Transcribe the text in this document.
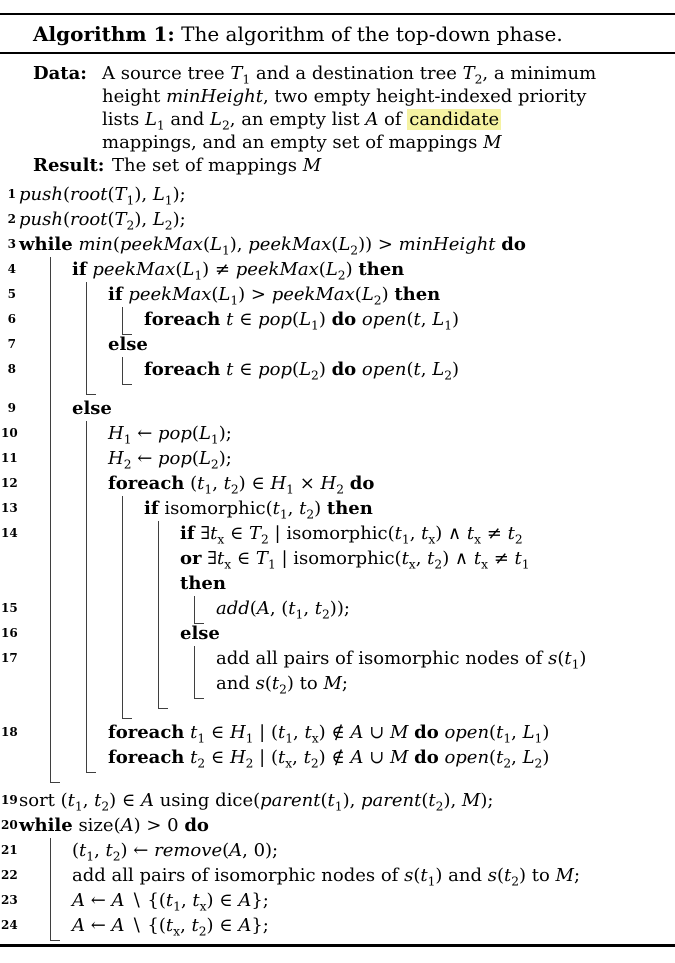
Algorithm 1: The algorithm of the top-down phase.
Data: A source tree $T_1$ and a destination tree $T_2$, a minimum
height minHeight, two empty height-indexed priority
lists $L_1$ and $L_2$, an empty list A of candidate
mappings, and an empty set of mappings M
Result: The set of mappings M
1 $push(root(T_1)$, $L_1$);
2 $push(root(T_2)$, $L_2$);
3 while $\min(peekMax(L_1)$, $peekMax(L_2)$) > minHeight do
4	if $peekMax(L_1)$ ≠ $peekMax(L_2)$ then
5	if $peekMax(L_1)$ > $peekMax(L_2)$ then
6	foreach t ∈ $pop(L_1)$ do open(t, $L_1$)
7	else
8	foreach t ∈ $pop(L_2)$ do open(t, $L_2$)
9	else
10	$H_1$ ← $pop(L_1)$;
11	$H_2$ ← $pop(L_2)$;
12	foreach ($t_1$, $t_2$) ∈ $H_1 \times H_2$ do
13	if $isomorphic(t_1$, $t_2$) then
14	if $\exists t_x$ ∈ $T_2$ | $isomorphic(t_1$, $t_x$) ∧ $t_x \ne t_2$
or $\exists t_x$ ∈ $T_1$ | $isomorphic(t_x$, $t_2$) ∧ $t_x \ne t_1$
then
15	add(A, ($t_1$, $t_2$));
16	else
17	add all pairs of isomorphic nodes of $s(t_1)$
and $s(t_2)$ to M;
18	foreach $t_1$ ∈ $H_1$ | ($t_1$, $t_x$) ∉ A ∪ M do $open(t_1$, $L_1$)
foreach $t_2$ ∈ $H_2$ | ($t_x$, $t_2$) ∉ A ∪ M do $open(t_2$, $L_2$)
19 sort ($t_1$, $t_2$) ∈ A using $dice(parent(t_1)$, $parent(t_2)$, M);
20 while size(A) > 0 do
21	($t_1$, $t_2$) ← remove(A, 0);
22	add all pairs of isomorphic nodes of $s(t_1)$ and $s(t_2)$ to M;
23	A ← A ∖ {($t_1$, $t_x$) ∈ A};
24	A ← A ∖ {($t_x$, $t_2$) ∈ A};
